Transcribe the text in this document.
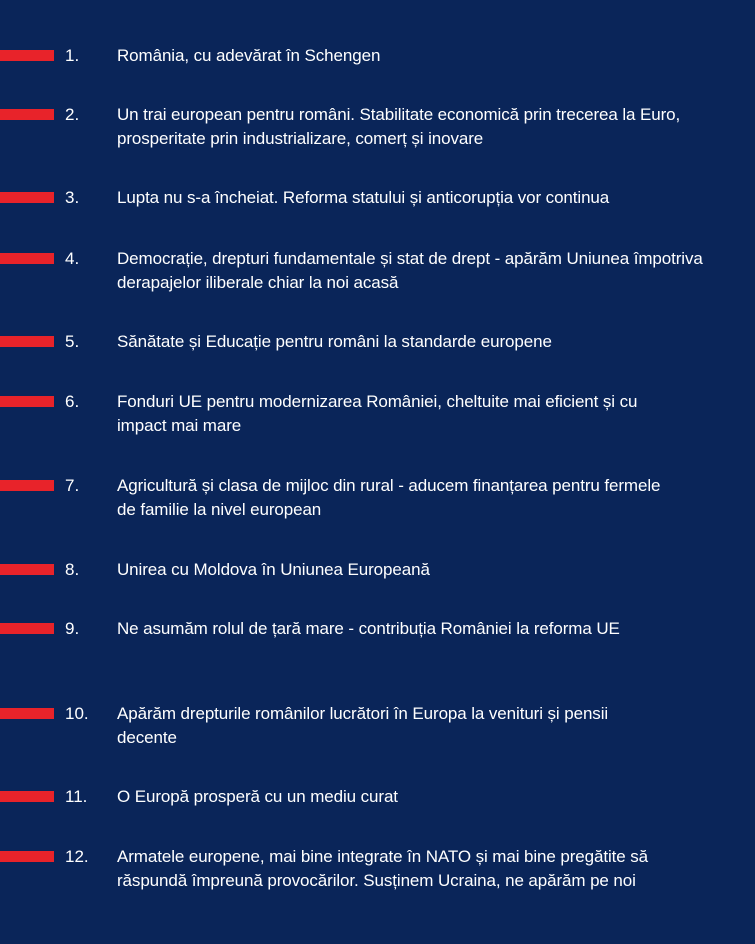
1. România, cu adevărat în Schengen
2. Un trai european pentru români. Stabilitate economică prin trecerea la Euro, prosperitate prin industrializare, comerț și inovare
3. Lupta nu s-a încheiat. Reforma statului și anticorupția vor continua
4. Democrație, drepturi fundamentale și stat de drept - apărăm Uniunea împotriva derapajelor iliberale chiar la noi acasă
5. Sănătate și Educație pentru români la standarde europene
6. Fonduri UE pentru modernizarea României, cheltuite mai eficient și cu impact mai mare
7. Agricultură și clasa de mijloc din rural - aducem finanțarea pentru fermele de familie la nivel european
8. Unirea cu Moldova în Uniunea Europeană
9. Ne asumăm rolul de țară mare - contribuția României la reforma UE
10. Apărăm drepturile românilor lucrători în Europa la venituri și pensii decente
11. O Europă prosperă cu un mediu curat
12. Armatele europene, mai bine integrate în NATO și mai bine pregătite să răspundă împreună provocărilor. Susținem Ucraina, ne apărăm pe noi
